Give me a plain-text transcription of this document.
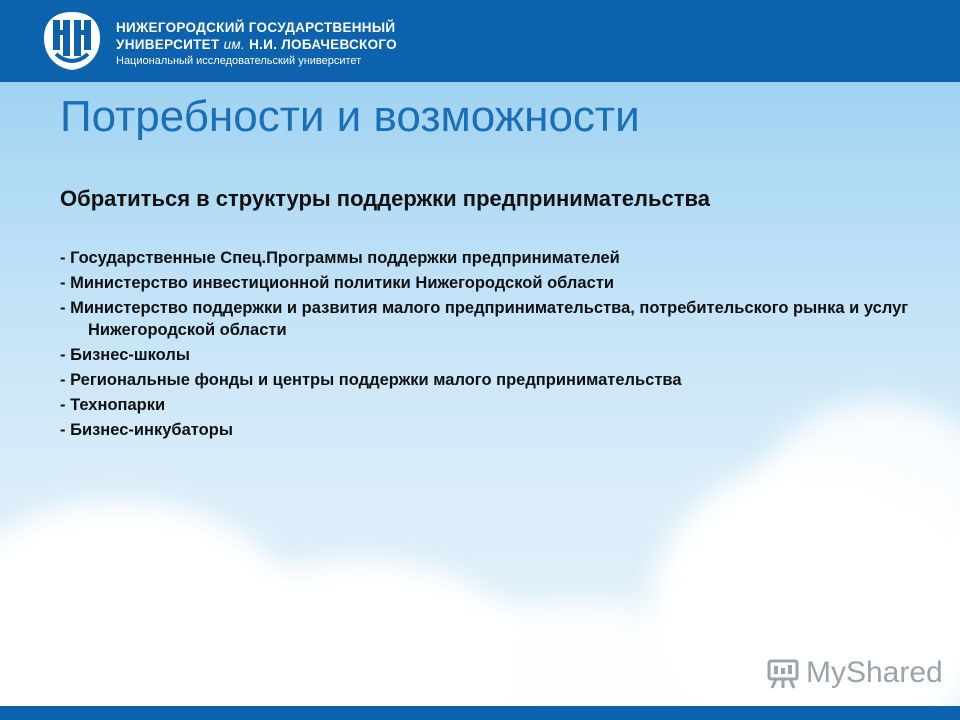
НИЖЕГОРОДСКИЙ ГОСУДАРСТВЕННЫЙ
УНИВЕРСИТЕТ им. Н.И. ЛОБАЧЕВСКОГО
Национальный исследовательский университет
Потребности и возможности
Обратиться в структуры поддержки предпринимательства
- Государственные Спец.Программы поддержки предпринимателей
- Министерство инвестиционной политики Нижегородской области
- Министерство поддержки и развития малого предпринимательства, потребительского рынка и услуг Нижегородской области
- Бизнес-школы
- Региональные фонды и центры поддержки малого предпринимательства
- Технопарки
- Бизнес-инкубаторы
MyShared
